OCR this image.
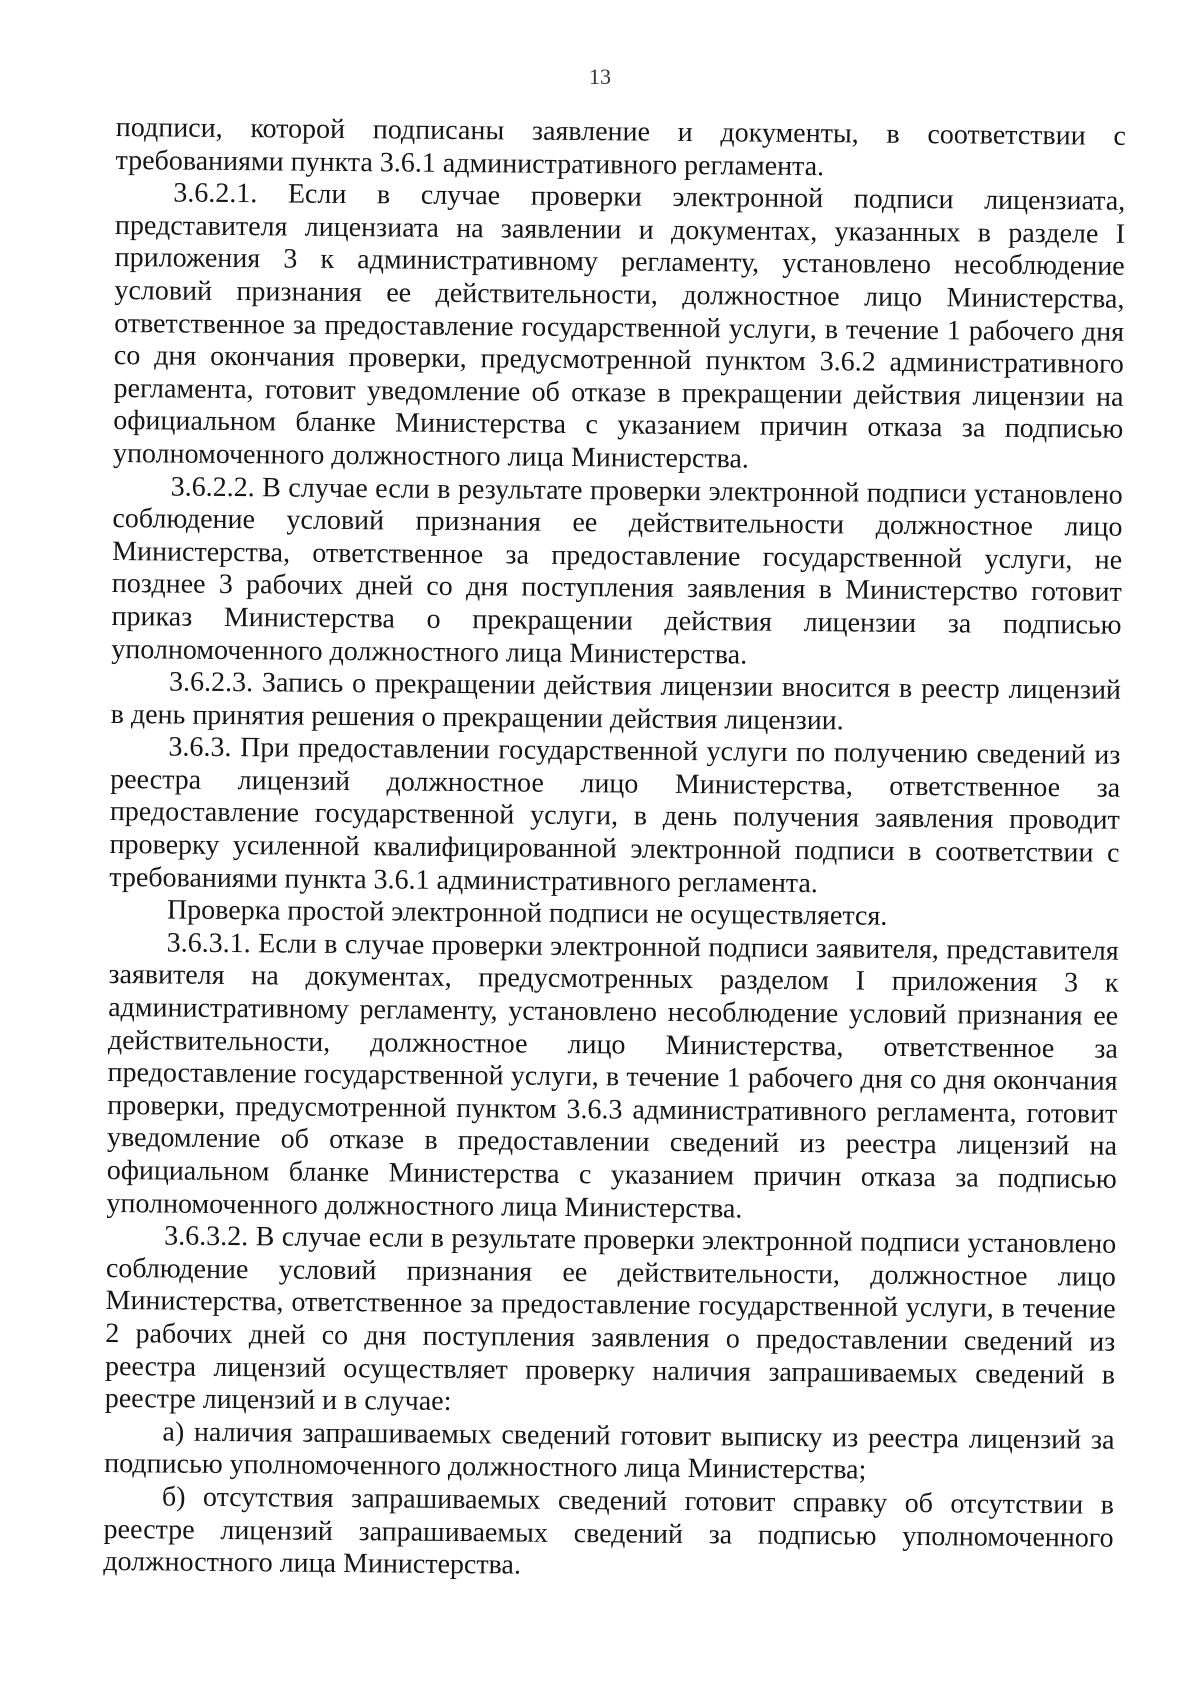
13

подписи, которой подписаны заявление и документы, в соответствии с требованиями пункта 3.6.1 административного регламента.

3.6.2.1. Если в случае проверки электронной подписи лицензиата, представителя лицензиата на заявлении и документах, указанных в разделе I приложения 3 к административному регламенту, установлено несоблюдение условий признания ее действительности, должностное лицо Министерства, ответственное за предоставление государственной услуги, в течение 1 рабочего дня со дня окончания проверки, предусмотренной пунктом 3.6.2 административного регламента, готовит уведомление об отказе в прекращении действия лицензии на официальном бланке Министерства с указанием причин отказа за подписью уполномоченного должностного лица Министерства.

3.6.2.2. В случае если в результате проверки электронной подписи установлено соблюдение условий признания ее действительности должностное лицо Министерства, ответственное за предоставление государственной услуги, не позднее 3 рабочих дней со дня поступления заявления в Министерство готовит приказ Министерства о прекращении действия лицензии за подписью уполномоченного должностного лица Министерства.

3.6.2.3. Запись о прекращении действия лицензии вносится в реестр лицензий в день принятия решения о прекращении действия лицензии.

3.6.3. При предоставлении государственной услуги по получению сведений из реестра лицензий должностное лицо Министерства, ответственное за предоставление государственной услуги, в день получения заявления проводит проверку усиленной квалифицированной электронной подписи в соответствии с требованиями пункта 3.6.1 административного регламента.

Проверка простой электронной подписи не осуществляется.

3.6.3.1. Если в случае проверки электронной подписи заявителя, представителя заявителя на документах, предусмотренных разделом I приложения 3 к административному регламенту, установлено несоблюдение условий признания ее действительности, должностное лицо Министерства, ответственное за предоставление государственной услуги, в течение 1 рабочего дня со дня окончания проверки, предусмотренной пунктом 3.6.3 административного регламента, готовит уведомление об отказе в предоставлении сведений из реестра лицензий на официальном бланке Министерства с указанием причин отказа за подписью уполномоченного должностного лица Министерства.

3.6.3.2. В случае если в результате проверки электронной подписи установлено соблюдение условий признания ее действительности, должностное лицо Министерства, ответственное за предоставление государственной услуги, в течение 2 рабочих дней со дня поступления заявления о предоставлении сведений из реестра лицензий осуществляет проверку наличия запрашиваемых сведений в реестре лицензий и в случае:

а) наличия запрашиваемых сведений готовит выписку из реестра лицензий за подписью уполномоченного должностного лица Министерства;

б) отсутствия запрашиваемых сведений готовит справку об отсутствии в реестре лицензий запрашиваемых сведений за подписью уполномоченного должностного лица Министерства.
